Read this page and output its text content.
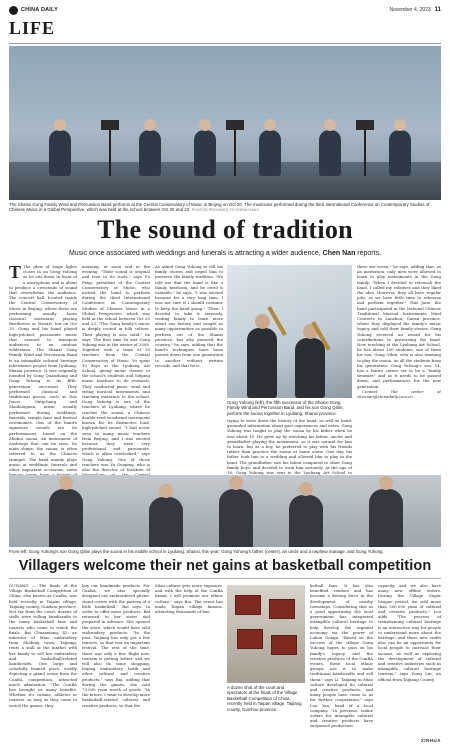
CHINA DAILY	November 4, 2023 11
LIFE
The Shanxi Gong Family Wind and Percussion Band performs at the Central Conservatory of Music in Beijing on Oct 20. The musicians performed during the third International Conference on Contemporary Studies of Chinese Music in a Global Perspective, which was held at the school between Oct 20 and 23. PHOTOS PROVIDED TO CHINA DAILY
The sound of tradition
Music once associated with weddings and funerals is attracting a wider audience, Chen Nan reports.
T The glow of stage lights closes in on Gong Yuhong as he sits down in front of a microphone and is about to produce a crescendo of sound that overwhelms the audience. The concert hall, located inside the Central Conservatory of Music in Beijing, where there are performing, usually hosts classical musicians playing Beethoven or Mozart, but on Oct 20, Gong and his band played high-pitched, passionate music that seemed to transport audiences to an outdoor wilderness. The Shanxi Gong Family Wind and Percussion Band is an intangible cultural heritage inheritance project from Lyuliang, Shanxi province. It was originally founded by Gong Quanzhong and Gong Yuhong is its fifth-generation successor. They performed classical and traditional pieces, such as Dao Jiaozi, Qingchang and Shuihuoguan, music usually performed during weddings, funerals, temple fairs and festival ceremonies. One of the band's signature sounds are its performances, based on the Zhuhui suona, an instrument of Aoshengs that can be seen. Its main shape, the suona, is often referred to as the Chinese trumpet. The band mainly plays music at weddings, funerals and other important occasions, some
morning, at noon and in the evening. "Their sound is original and true to its roots," says Fu Feng, president of the Central Conservatory of Music, who invited the band to perform during the third International Conference on Contemporary Studies of Chinese Music in a Global Perspective, which was held at the school between Oct 20 and 23. "The Gong family's music is deeply rooted in folk culture. Their playing is also solid," he says. The first time Yu met Gong Yuhong was in the winter of 2008. Together with a team of 30 teachers from the Central Conservatory of Music, Yu spent 10 days at the Lyuliang Art School, giving music classes to the school's students and helping music teachers to do research. They conducted piano, wind and string musical instruments and teaching materials to the school. Gong Yuhong is one of the teachers at Lyuliang, where he teaches the suona, a Chinese double-reed woodwind instrument known for its distinctive loud, high-pitched sound. "I had never seen so many music teachers from Beijing, and I was excited because they were very professional and passionate, which is often overlooked," says Gong Yuhong. One of those teachers was Yu Guoping, who is also the director of Institute of
Gong Yuhong (left), the fifth successor of the Shanxi Gong Family Wind and Percussion Band, and his son Gong Qibin, perform the suona together in Lyuliang, Shanxi province.
As asked Gong Yuhong to tell his family stories and urged him to preserve the family tradition. "He told me that the band is like a family heirloom, and he owed it valuable," he says. "I was excited because for a very long time, I was not sure if I should continue to keep the band going." "Then, I decided to take it seriously, visiting family to learn more about our history and sought as many opportunities as possible to perform out of the Shanxi province, but also pursued the country," he says, adding that the band's techniques have been passed down from one generation to another without written records, and that he is
trying to write down the history of the band, as well as hand-grounded information about past experiences and notes. Gong Yuhong was taught to play the suona by his father when he was about 10. He grew up by watching his father, uncles and grandfather playing the instrument, so it was natural for him to learn, but as a boy, he preferred to play with his friends rather than practice the suona at home alone. One day, his father took him to a wedding and allowed him to play in the band. The grandfather saw his talent compared to other Gong family boys, and decided to train him seriously. At the age of 16, Gong Yuhong was sent to the Lyuliang Art School to
there are seven," he says, adding that, as an institution, only men were allowed to learn to play instruments in the Gong family. "When I decided to relaunch the band, I called my relatives and they liked the idea. However, they all have regular jobs, so we have little time to rehearse and perform together." This June, the band participated in the National Chinese Traditional Musical Instruments Wind Concerts in Lanzhou, Gansu province, where they displayed the family's music legacy and told their family stories. Gong Yuhong received an award for his contributions to preserving the band. Now teaching at the Lyuliang Art School, he has about 100 students, one of them his son, Gong Qibin, who is also learning to play the suona. As all the students from his generation, Gong Yuhong's son, 14, has a future career set to be a "family treasure" and as it needs to be passed down, and performances for the new generation.

Contact the writer at chennan@chinadaily.com.cn

From left: Gong Yuhong's son Gong Qibin plays the suona in his middle school in Lyuliang, Shanxi, this year; Gong Yuhong's father (center), an uncle and a nephew manage; and Gong Yuhong.
Villagers welcome their net gains at basketball competition
GUIYANG — The finals of the Village Basketball Competition of China, also known as CunBA, was held recently in Taipan village, Taijiang county, Guizhou province. Not far from the court, dozens of stalls were selling handicrafts to the many basketball fans and tourists who came to watch the finals. Bai Chuanxiang, 43, an inheritor of Miao embroidery from Shidong town, Taijiang, rents a stall at the market with her family to sell her embroidery and basketball-related handicrafts. One large and colorfully framed piece, vividly depicting a grand scene from the CunBA competition, attracted much admiration. "The CunBA has brought us many benefits. Whether it's cuisine, athletes or tourists, as long as they come to watch the games, they
buy our handmade products. For CunBA, we also specially designed our embroidered phone-stand covers with the pattern of a little basketball," Bai says. In order to offer more products, Bai returned to her sister and prepared in advance. She opened the store, which would have sold embroidery products. "In the past, Taijiang has only got a few tourists, so that was an important festival. The rest of the time, there was only a few. Right now, tourism is getting better, and we will also do some shopping, buying embroidery, batik and other cultural and creative products," says Bai, adding that during the games, she sold 70,000 yuan worth of goods. "In the future, I want to develop more basketball-related cultural and creative products, so that the
Miao culture gets more exposure, and with the help of the CunBA brand, I will promote our ethnic culture," says Bai. The event has made Taipan village famous, attracting thousands of bas-
A dozen shot of the court and spectators at the finals of the Village Basketball Competition of China, recently held in Taipan village, Taijiang county, Guizhou province.
ketball fans. It has also benefited vendors and has become a driving force in the development of nearby townships. Considering this as a good opportunity, the local government has integrated intangible cultural heritage to help develop the regional economy via the power of Lukou Gonga. "Based on the success of the village Gong Yuhong hopes to pass on his family's legacy, and the creative products of the CunBA events, these local ethnic groups use it to make traditional handicrafts and sell them," says Li. Taijiang in Miao culture developed 80 cultural and creative products, and many people have come to us for further cooperation," says Lou Yan, head of a local company. "In previous, online orders for intangible cultural and creative products have surpassed production
capacity, and we also have many new offline orders. During the Village Super League period, we sold more than 500,000 yuan of cultural and creative products," Lou adds. "The process of transforming cultural heritage is an interactive way for people to understand more about the heritage, and these new crafts also can be an opportunity for local people to increase their income, as well as exploring the development of cultural and creative industries such as intangible cultural heritage tourism," says Dong Lin, an official from Taijiang County.
XINHUA
